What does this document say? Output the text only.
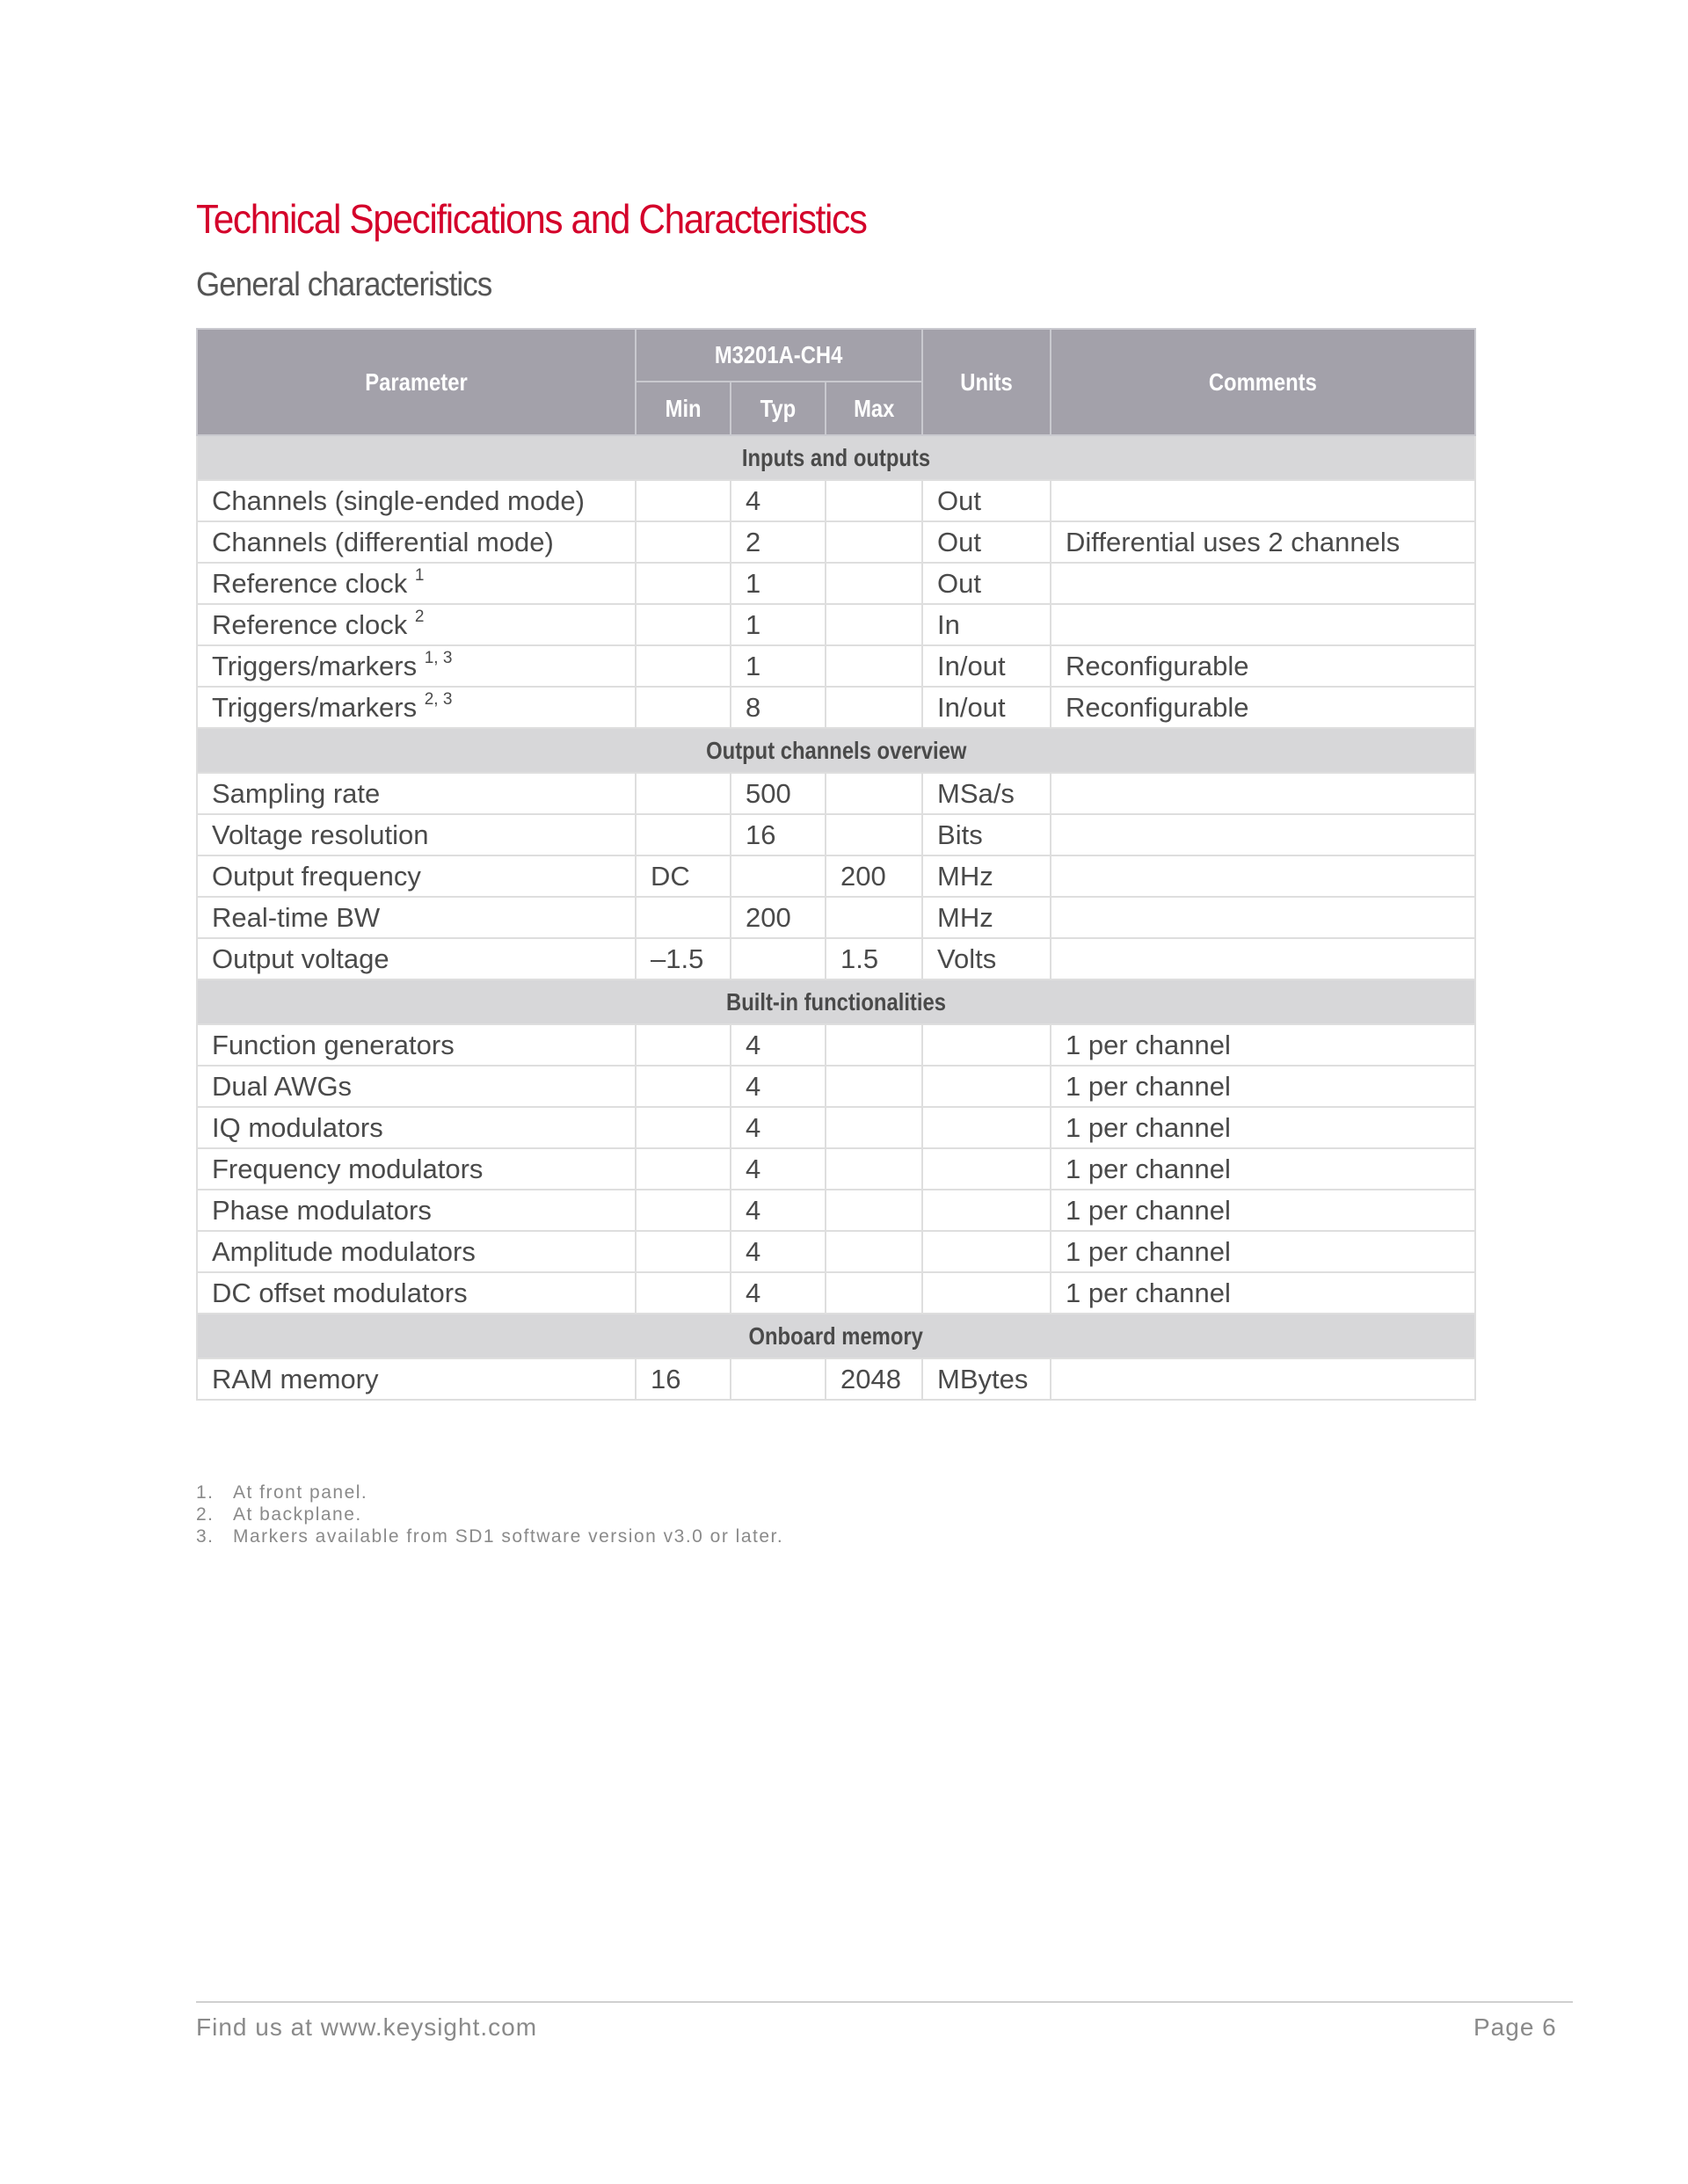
Technical Specifications and Characteristics
General characteristics
Parameter	M3201A-CH4			Units	Comments
	Min	Typ	Max		
Inputs and outputs					
Channels (single-ended mode)		4		Out	
Channels (differential mode)		2		Out	Differential uses 2 channels
Reference clock $^1$		1		Out	
Reference clock $^2$		1		In	
Triggers/markers $^{1, 3}$		1		In/out	Reconfigurable
Triggers/markers $^{2, 3}$		8		In/out	Reconfigurable
Output channels overview					
Sampling rate		500		MSa/s	
Voltage resolution		16		Bits	
Output frequency	DC		200	MHz	
Real-time BW		200		MHz	
Output voltage	–1.5		1.5	Volts	
Built-in functionalities					
Function generators		4			1 per channel
Dual AWGs		4			1 per channel
IQ modulators		4			1 per channel
Frequency modulators		4			1 per channel
Phase modulators		4			1 per channel
Amplitude modulators		4			1 per channel
DC offset modulators		4			1 per channel
Onboard memory					
RAM memory	16		2048	MBytes	
1. At front panel.
2. At backplane.
3. Markers available from SD1 software version v3.0 or later.
Find us at www.keysight.com	Page 6
